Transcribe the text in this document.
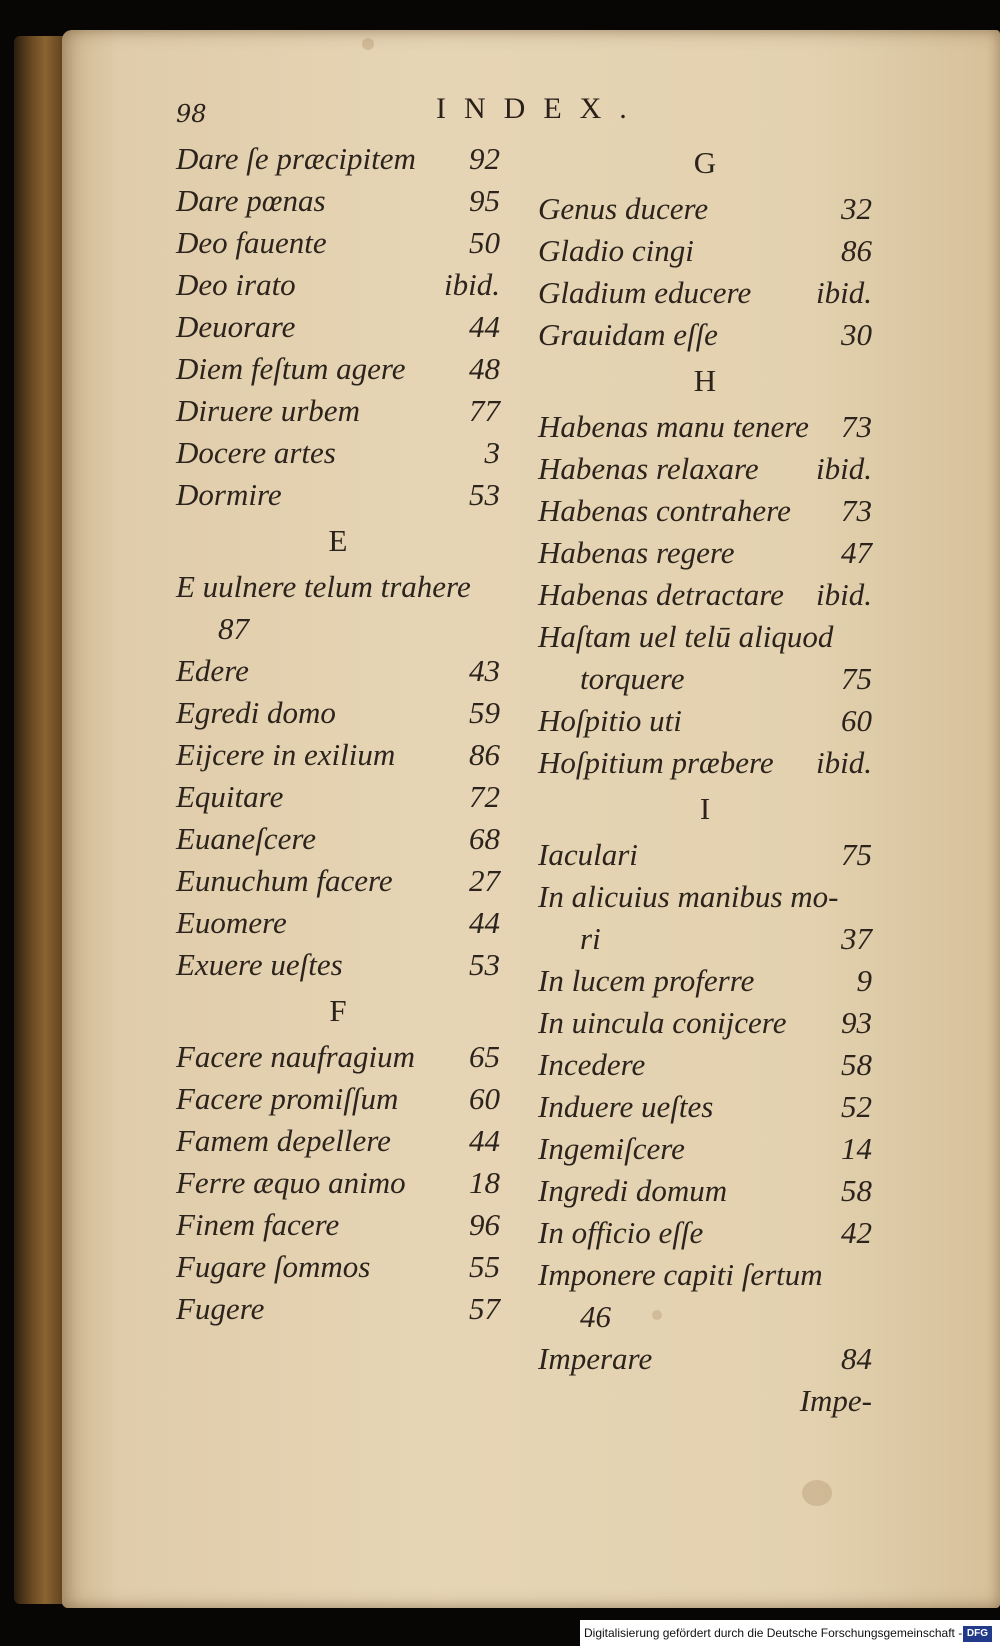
98	INDEX.
Dare ſe præcipitem 92
Dare pœnas	95
Deo fauente	50
Deo irato	ibid.
Deuorare	44
Diem feſtum agere 48
Diruere urbem	77
Docere artes	3
Dormire	53
E
E uulnere telum trahere
87
Edere	43
Egredi domo	59
Eijcere in exilium 86
Equitare	72
Euaneſcere	68
Eunuchum facere 27
Euomere	44
Exuere ueſtes	53
F
Facere naufragium 65
Facere promiſſum 60
Famem depellere	44
Ferre æquo animo 18
Finem facere	96
Fugare ſommos	55
Fugere	57
G
Genus ducere	32
Gladio cingi	86
Gladium educere ibid.
Grauidam eſſe	30
H
Habenas manu tenere 73
Habenas relaxare ibid.
Habenas contrahere 73
Habenas regere	47
Habenas detractare ibid.
Haſtam uel telū aliquod
torquere	75
Hoſpitio uti	60
Hoſpitium præbere ibid.
I
Iaculari	75
In alicuius manibus mo-
ri	37
In lucem proferre	9
In uincula conijcere 93
Incedere	58
Induere ueſtes	52
Ingemiſcere	14
Ingredi domum	58
In officio eſſe	42
Imponere capiti ſertum
46
Imperare	84
Impe-
Digitalisierung gefördert durch die Deutsche Forschungsgemeinschaft - DFG
